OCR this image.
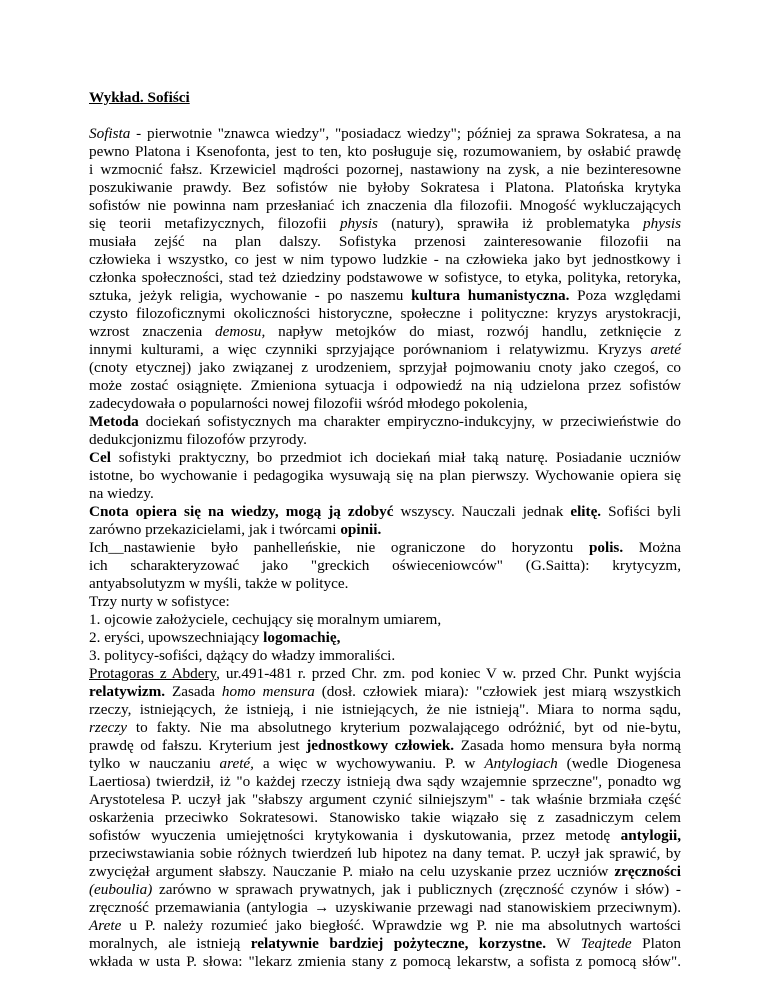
Wykład. Sofiści
Sofista - pierwotnie "znawca wiedzy", "posiadacz wiedzy"; później za sprawa Sokratesa, a na
pewno Platona i Ksenofonta, jest to ten, kto posługuje się, rozumowaniem, by osłabić prawdę
i wzmocnić fałsz. Krzewiciel mądrości pozornej, nastawiony na zysk, a nie bezinteresowne
poszukiwanie prawdy. Bez sofistów nie byłoby Sokratesa i Platona. Platońska krytyka
sofistów nie powinna nam przesłaniać ich znaczenia dla filozofii. Mnogość wykluczających
się teorii metafizycznych, filozofii physis (natury), sprawiła iż problematyka physis
musiała zejść na plan dalszy. Sofistyka przenosi zainteresowanie filozofii na
człowieka i wszystko, co jest w nim typowo ludzkie - na człowieka jako byt jednostkowy i
członka społeczności, stad też dziedziny podstawowe w sofistyce, to etyka, polityka, retoryka,
sztuka, jeżyk religia, wychowanie - po naszemu kultura humanistyczna. Poza względami
czysto filozoficznymi okoliczności historyczne, społeczne i polityczne: kryzys arystokracji,
wzrost znaczenia demosu, napływ metojków do miast, rozwój handlu, zetknięcie z
innymi kulturami, a więc czynniki sprzyjające porównaniom i relatywizmu. Kryzys areté
(cnoty etycznej) jako związanej z urodzeniem, sprzyjał pojmowaniu cnoty jako czegoś, co
może zostać osiągnięte. Zmieniona sytuacja i odpowiedź na nią udzielona przez sofistów
zadecydowała o popularności nowej filozofii wśród młodego pokolenia,
Metoda dociekań sofistycznych ma charakter empiryczno-indukcyjny, w przeciwieństwie do
dedukcjonizmu filozofów przyrody.
Cel sofistyki praktyczny, bo przedmiot ich dociekań miał taką naturę. Posiadanie uczniów
istotne, bo wychowanie i pedagogika wysuwają się na plan pierwszy. Wychowanie opiera się
na wiedzy.
Cnota opiera się na wiedzy, mogą ją zdobyć wszyscy. Nauczali jednak elitę. Sofiści byli
zarówno przekazicielami, jak i twórcami opinii.
Ich__nastawienie było panhelleńskie, nie ograniczone do horyzontu polis. Można
ich scharakteryzować jako "greckich oświeceniowców" (G.Saitta): krytycyzm,
antyabsolutyzm w myśli, także w polityce.
Trzy nurty w sofistyce:
1. ojcowie założyciele, cechujący się moralnym umiarem,
2. eryści, upowszechniający logomachię,
3. politycy-sofiści, dążący do władzy immoraliści.
Protagoras z Abdery, ur.491-481 r. przed Chr. zm. pod koniec V w. przed Chr. Punkt wyjścia
relatywizm. Zasada homo mensura (dosł. człowiek miara): "człowiek jest miarą wszystkich
rzeczy, istniejących, że istnieją, i nie istniejących, że nie istnieją". Miara to norma sądu,
rzeczy to fakty. Nie ma absolutnego kryterium pozwalającego odróżnić, byt od nie-bytu,
prawdę od fałszu. Kryterium jest jednostkowy człowiek. Zasada homo mensura była normą
tylko w nauczaniu areté, a więc w wychowywaniu. P. w Antylogiach (wedle Diogenesa
Laertiosa) twierdził, iż "o każdej rzeczy istnieją dwa sądy wzajemnie sprzeczne", ponadto wg
Arystotelesa P. uczył jak "słabszy argument czynić silniejszym" - tak właśnie brzmiała część
oskarżenia przeciwko Sokratesowi. Stanowisko takie wiązało się z zasadniczym celem
sofistów wyuczenia umiejętności krytykowania i dyskutowania, przez metodę antylogii,
przeciwstawiania sobie różnych twierdzeń lub hipotez na dany temat. P. uczył jak sprawić, by
zwyciężał argument słabszy. Nauczanie P. miało na celu uzyskanie przez uczniów zręczności
(euboulia) zarówno w sprawach prywatnych, jak i publicznych (zręczność czynów i słów) -
zręczność przemawiania (antylogia → uzyskiwanie przewagi nad stanowiskiem przeciwnym).
Arete u P. należy rozumieć jako biegłość. Wprawdzie wg P. nie ma absolutnych wartości
moralnych, ale istnieją relatywnie bardziej pożyteczne, korzystne. W Teajtede Platon
wkłada w usta P. słowa: "lekarz zmienia stany z pomocą lekarstw, a sofista z pomocą słów".
